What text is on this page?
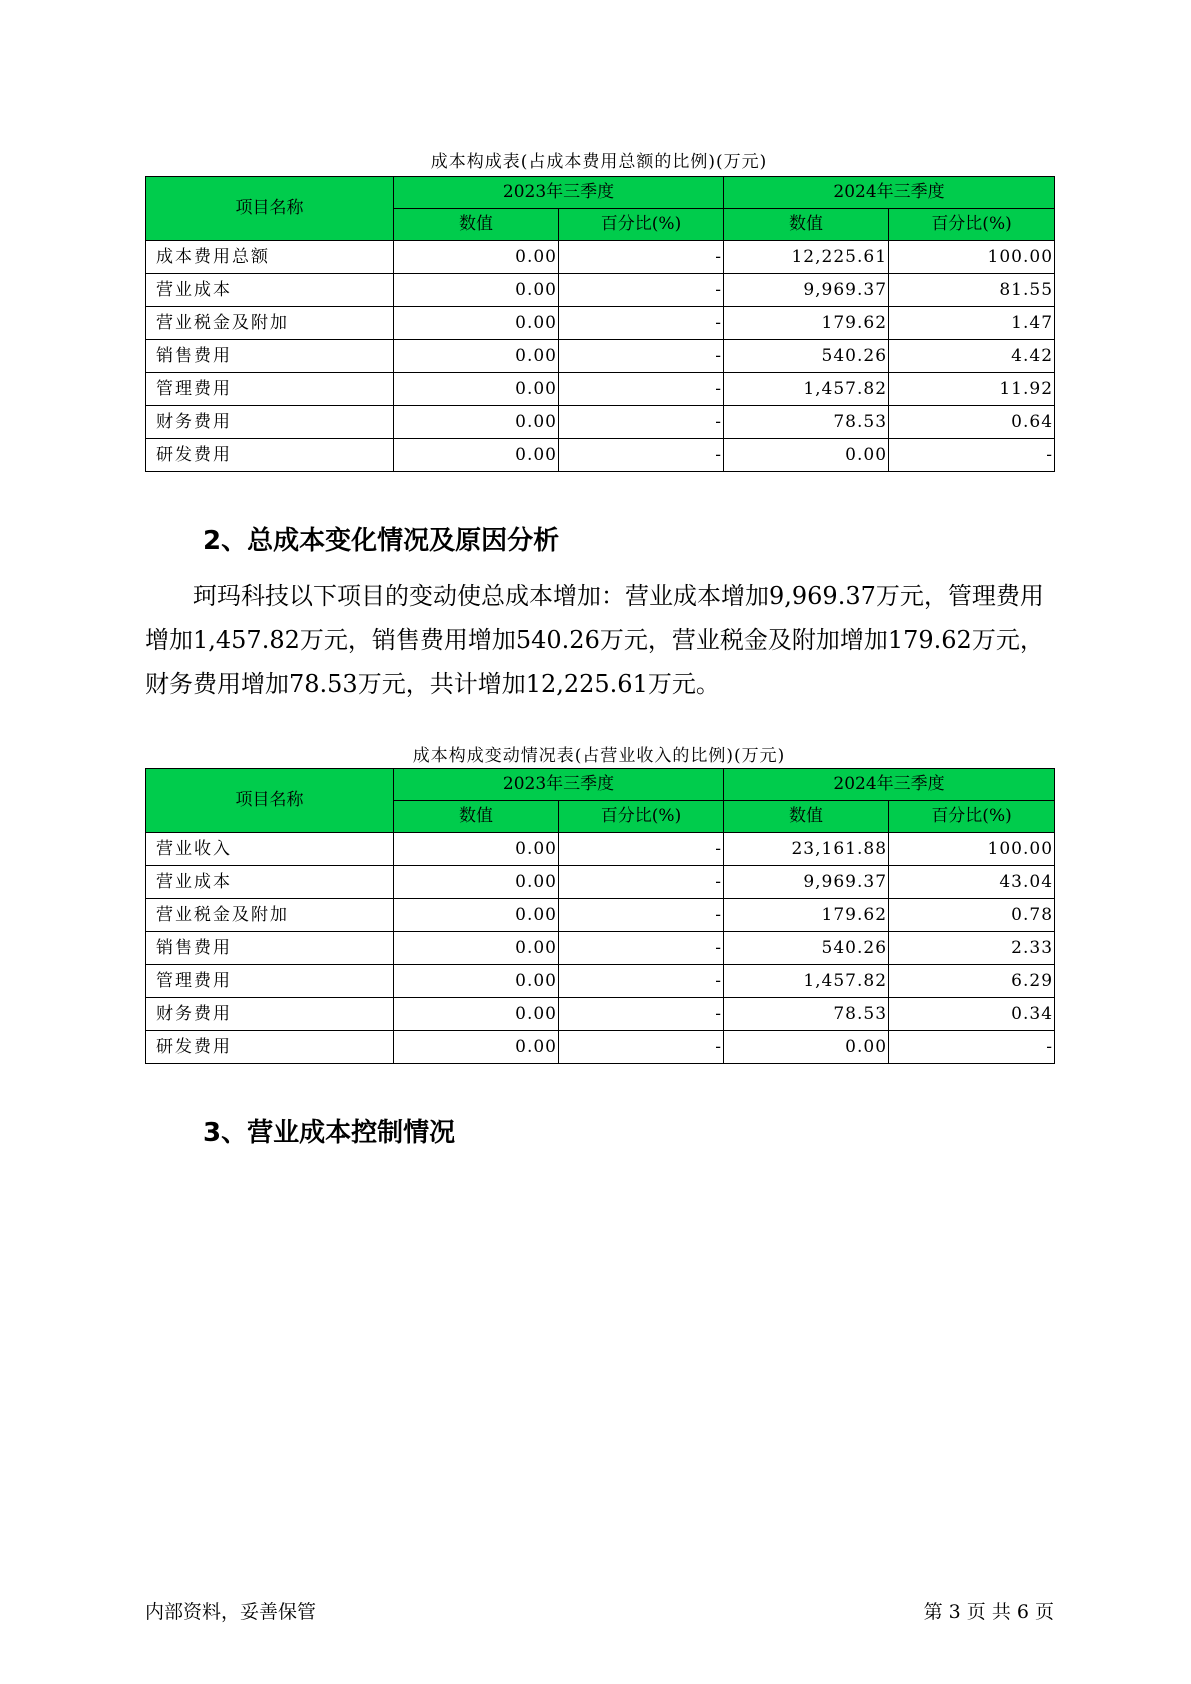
成本构成表(占成本费用总额的比例)(万元)
项目名称	2023年三季度		2024年三季度	
	数值	百分比(%)	数值	百分比(%)
成本费用总额	0.00	-	12,225.61	100.00
营业成本	0.00	-	9,969.37	81.55
营业税金及附加	0.00	-	179.62	1.47
销售费用	0.00	-	540.26	4.42
管理费用	0.00	-	1,457.82	11.92
财务费用	0.00	-	78.53	0.64
研发费用	0.00	-	0.00	-
2、总成本变化情况及原因分析
珂玛科技以下项目的变动使总成本增加：营业成本增加9,969.37万元，管理费用增加1,457.82万元，销售费用增加540.26万元，营业税金及附加增加179.62万元，财务费用增加78.53万元，共计增加12,225.61万元。
成本构成变动情况表(占营业收入的比例)(万元)
项目名称	2023年三季度		2024年三季度	
	数值	百分比(%)	数值	百分比(%)
营业收入	0.00	-	23,161.88	100.00
营业成本	0.00	-	9,969.37	43.04
营业税金及附加	0.00	-	179.62	0.78
销售费用	0.00	-	540.26	2.33
管理费用	0.00	-	1,457.82	6.29
财务费用	0.00	-	78.53	0.34
研发费用	0.00	-	0.00	-
3、营业成本控制情况
内部资料，妥善保管	第 3 页 共 6 页
